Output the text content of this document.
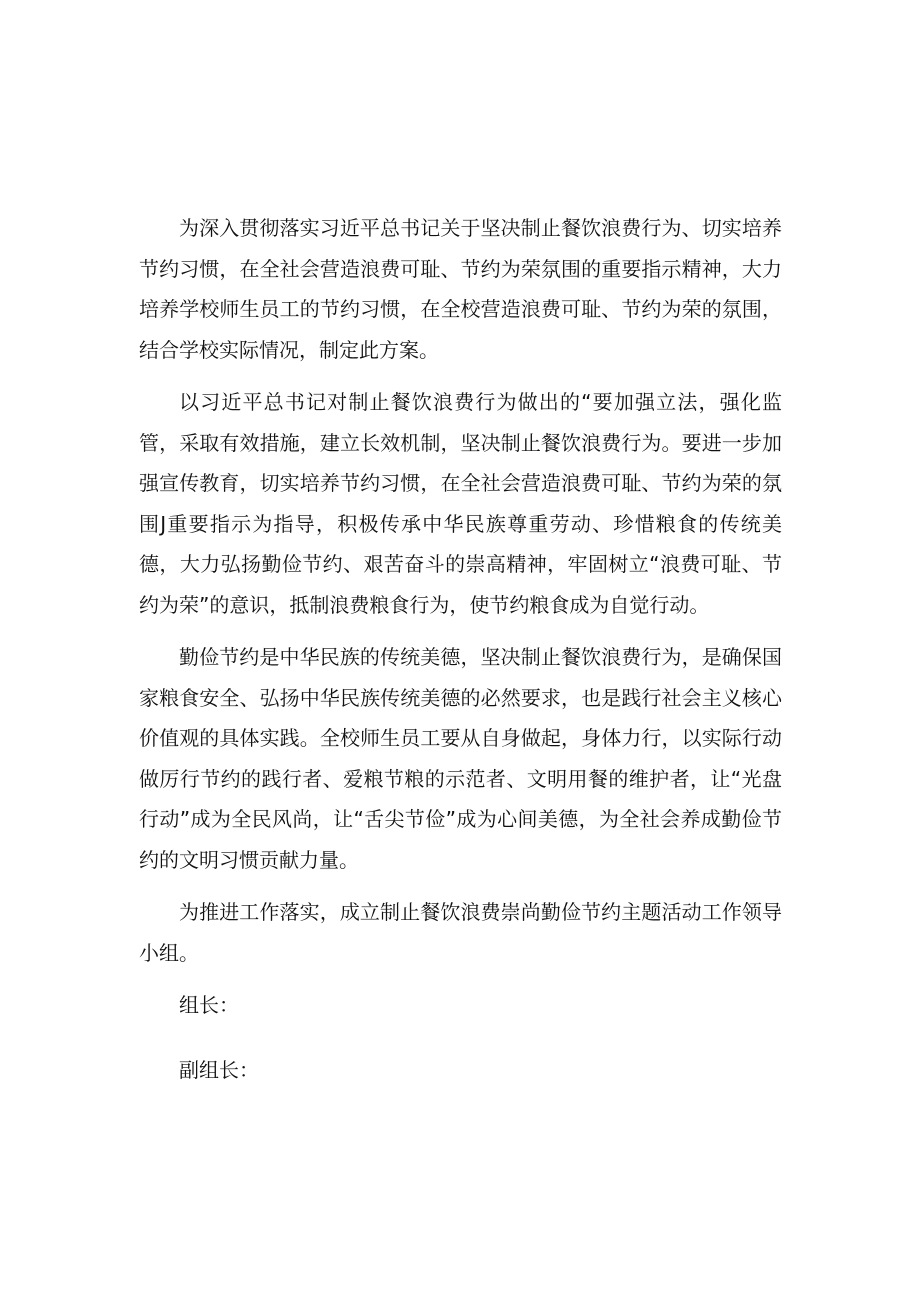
为深入贯彻落实习近平总书记关于坚决制止餐饮浪费行为、切实培养节约习惯，在全社会营造浪费可耻、节约为荣氛围的重要指示精神，大力培养学校师生员工的节约习惯，在全校营造浪费可耻、节约为荣的氛围，结合学校实际情况，制定此方案。

以习近平总书记对制止餐饮浪费行为做出的“要加强立法，强化监管，采取有效措施，建立长效机制，坚决制止餐饮浪费行为。要进一步加强宣传教育，切实培养节约习惯，在全社会营造浪费可耻、节约为荣的氛围J重要指示为指导，积极传承中华民族尊重劳动、珍惜粮食的传统美德，大力弘扬勤俭节约、艰苦奋斗的崇高精神，牢固树立“浪费可耻、节约为荣”的意识，抵制浪费粮食行为，使节约粮食成为自觉行动。

勤俭节约是中华民族的传统美德，坚决制止餐饮浪费行为，是确保国家粮食安全、弘扬中华民族传统美德的必然要求，也是践行社会主义核心价值观的具体实践。全校师生员工要从自身做起，身体力行，以实际行动做厉行节约的践行者、爱粮节粮的示范者、文明用餐的维护者，让“光盘行动”成为全民风尚，让“舌尖节俭”成为心间美德，为全社会养成勤俭节约的文明习惯贡献力量。

为推进工作落实，成立制止餐饮浪费崇尚勤俭节约主题活动工作领导小组。

组长：

副组长：
